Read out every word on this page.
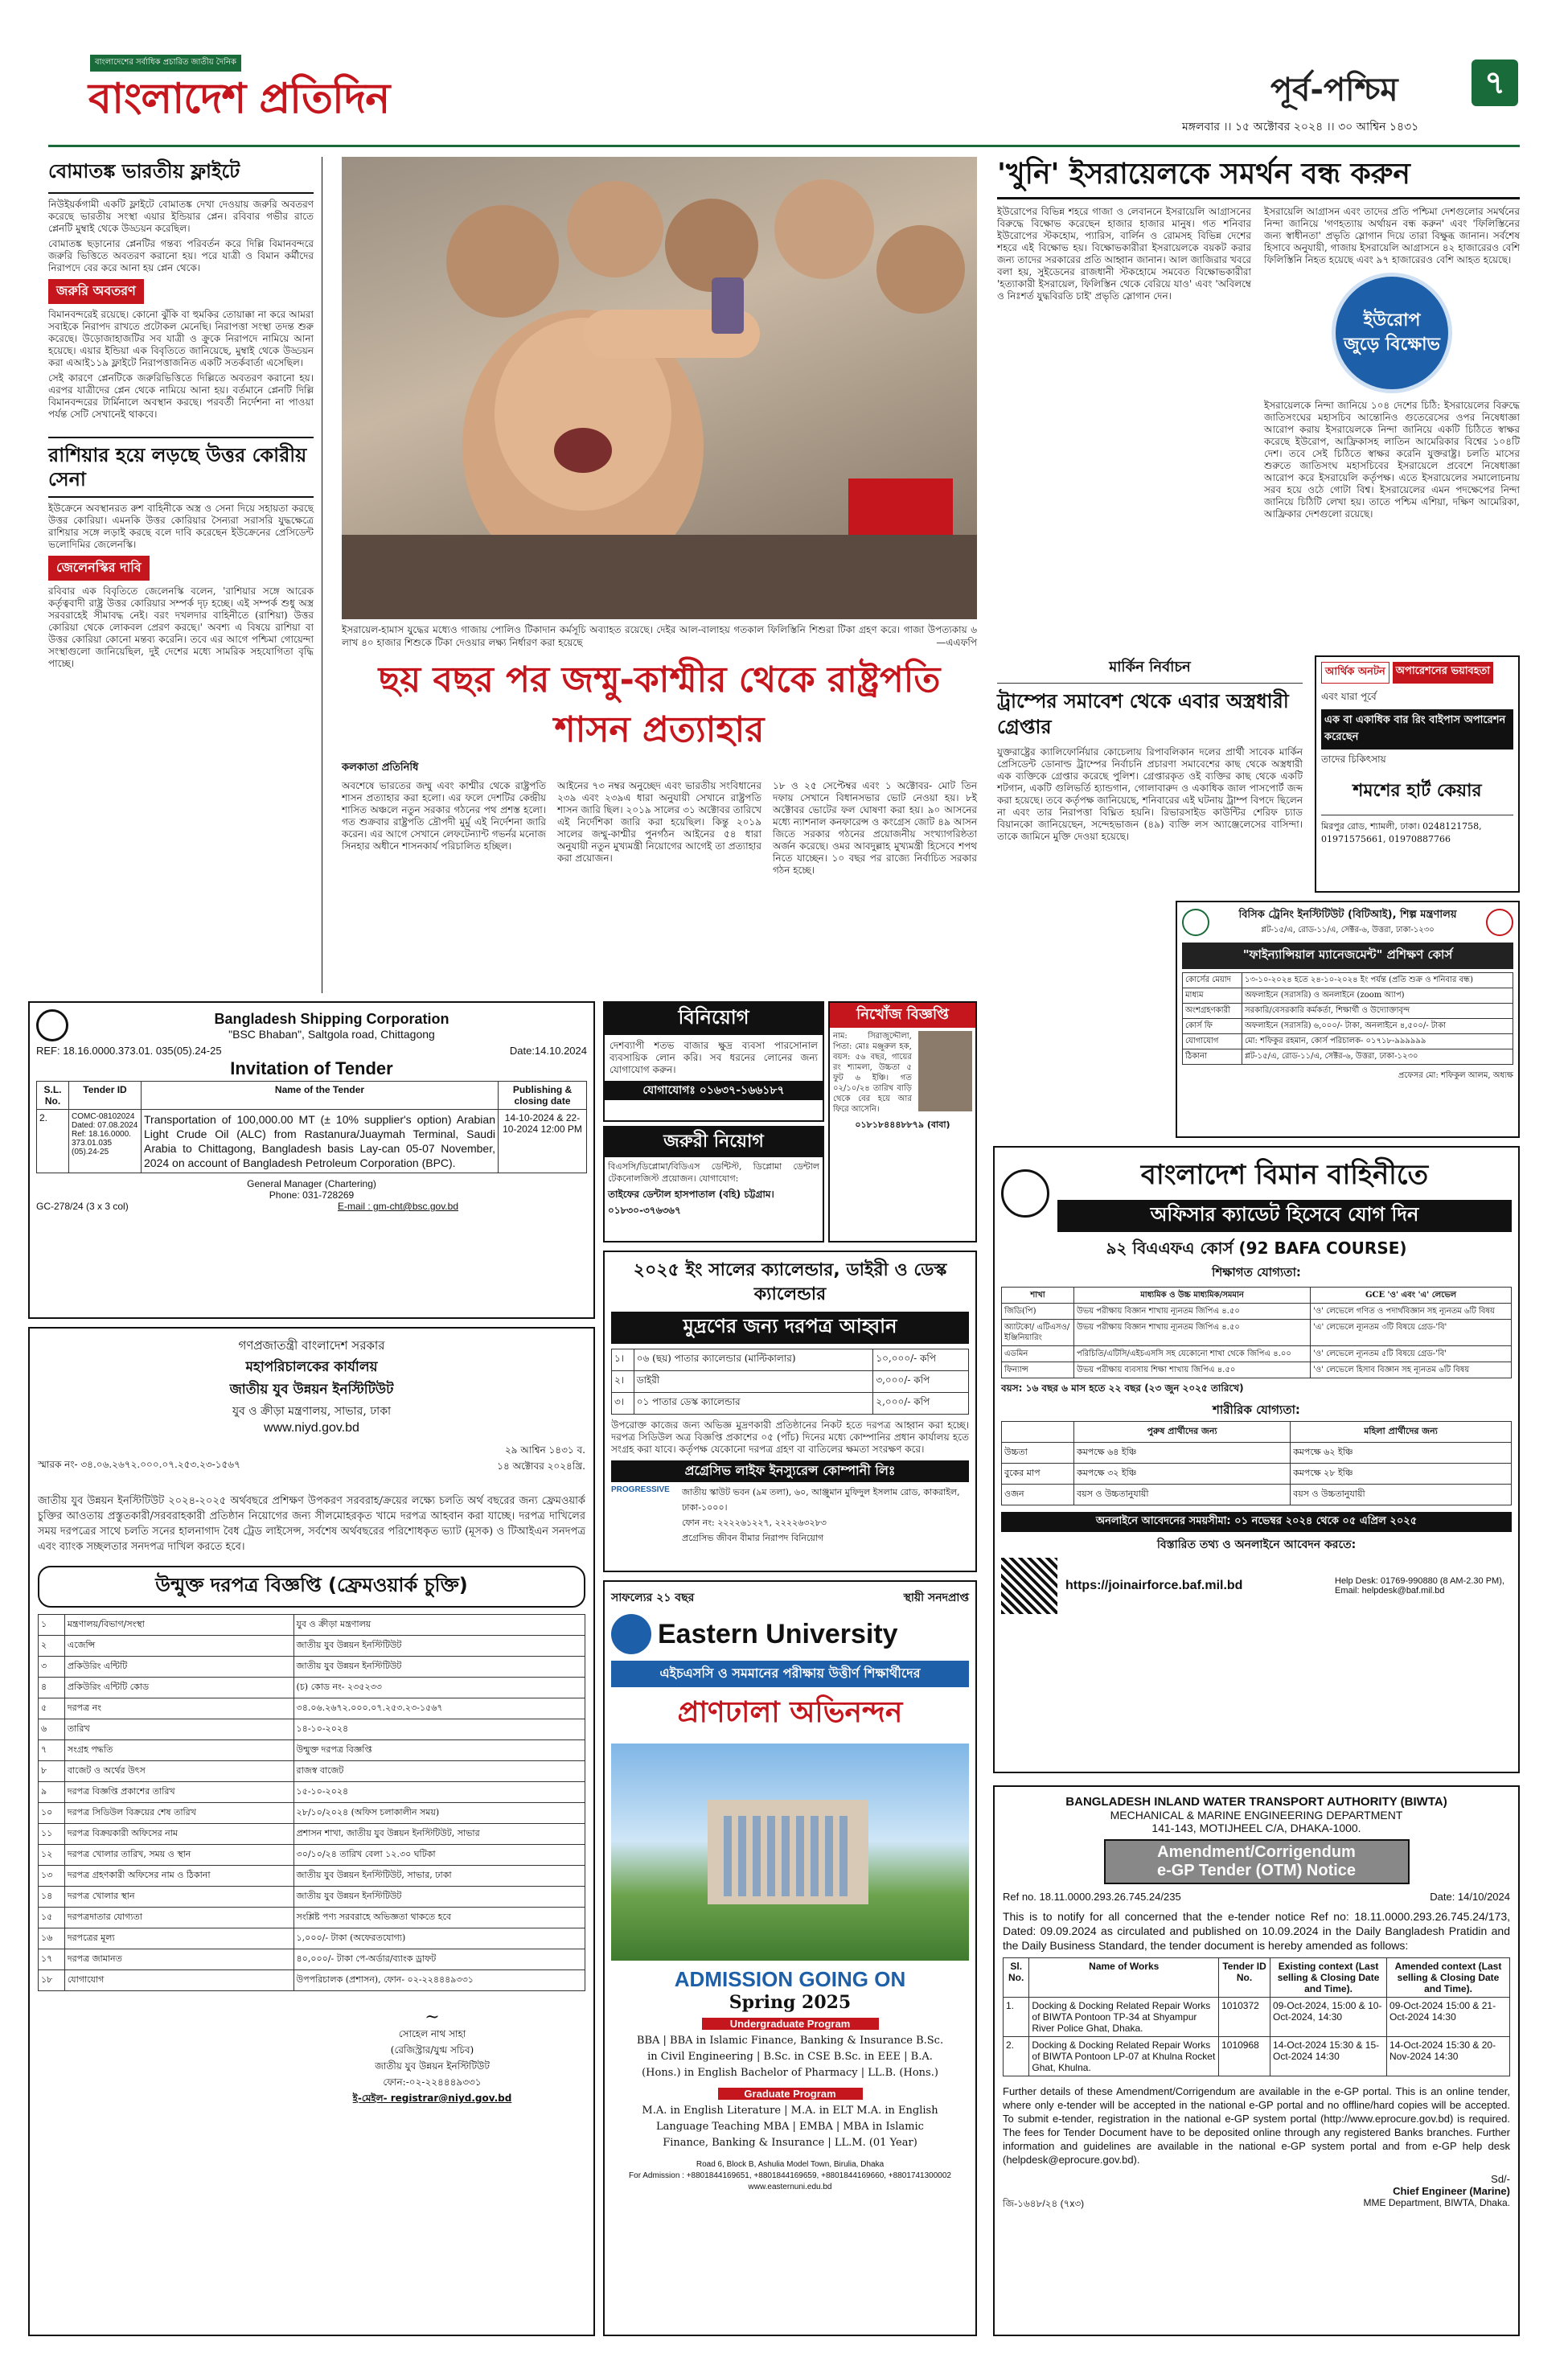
বাংলাদেশের সর্বাধিক প্রচারিত জাতীয় দৈনিক
বাংলাদেশ প্রতিদিন	পূর্ব-পশ্চিম	৭
মঙ্গলবার ।। ১৫ অক্টোবর ২০২৪ ।। ৩০ আশ্বিন ১৪৩১
বোমাতঙ্ক ভারতীয় ফ্লাইটে

নিউইয়র্কগামী একটি ফ্লাইটে বোমাতঙ্ক দেখা দেওয়ায় জরুরি অবতরণ করেছে ভারতীয় সংস্থা এয়ার ইন্ডিয়ার প্লেন। রবিবার গভীর রাতে প্লেনটি মুম্বাই থেকে উড্ডয়ন করেছিল।

বোমাতঙ্ক ছড়ানোর প্লেনটির গন্তব্য পরিবর্তন করে দিল্লি বিমানবন্দরে জরুরি ভিত্তিতে অবতরণ করানো হয়। পরে যাত্রী ও বিমান কর্মীদের নিরাপদে বের করে আনা হয় প্লেন থেকে।

জরুরি অবতরণ

বিমানবন্দরেই রয়েছে। কোনো ঝুঁকি বা হুমকির তোয়াক্কা না করে আমরা সবাইকে নিরাপদ রাখতে প্রটোকল মেনেছি। নিরাপত্তা সংস্থা তদন্ত শুরু করেছে। উড়োজাহাজটির সব যাত্রী ও ক্রুকে নিরাপদে নামিয়ে আনা হয়েছে। এয়ার ইন্ডিয়া এক বিবৃতিতে জানিয়েছে, মুম্বাই থেকে উড্ডয়ন করা এআই১১৯ ফ্লাইটে নিরাপত্তাজনিত একটি সতর্কবার্তা এসেছিল।

সেই কারণে প্লেনটিকে জরুরিভিত্তিতে দিল্লিতে অবতরণ করানো হয়। এরপর যাত্রীদের প্লেন থেকে নামিয়ে আনা হয়। বর্তমানে প্লেনটি দিল্লি বিমানবন্দরের টার্মিনালে অবস্থান করছে। পরবর্তী নির্দেশনা না পাওয়া পর্যন্ত সেটি সেখানেই থাকবে।

রাশিয়ার হয়ে লড়ছে উত্তর কোরীয় সেনা

ইউক্রেনে অবস্থানরত রুশ বাহিনীকে অস্ত্র ও সেনা দিয়ে সহায়তা করছে উত্তর কোরিয়া। এমনকি উত্তর কোরিয়ার সৈন্যরা সরাসরি যুদ্ধক্ষেত্রে রাশিয়ার সঙ্গে লড়াই করছে বলে দাবি করেছেন ইউক্রেনের প্রেসিডেন্ট ভলোদিমির জেলেনস্কি।

জেলেনস্কির দাবি

রবিবার এক বিবৃতিতে জেলেনস্কি বলেন, 'রাশিয়ার সঙ্গে আরেক কর্তৃত্ববাদী রাষ্ট্র উত্তর কোরিয়ার সম্পর্ক দৃঢ় হচ্ছে। এই সম্পর্ক শুধু অস্ত্র সরবরাহেই সীমাবদ্ধ নেই। বরং দখলদার বাহিনীতে (রাশিয়া) উত্তর কোরিয়া থেকে লোকবল প্রেরণ করছে।' অবশ্য এ বিষয়ে রাশিয়া বা উত্তর কোরিয়া কোনো মন্তব্য করেনি। তবে এর আগে পশ্চিমা গোয়েন্দা সংস্থাগুলো জানিয়েছিল, দুই দেশের মধ্যে সামরিক সহযোগিতা বৃদ্ধি পাচ্ছে।

ইসরায়েল-হামাস যুদ্ধের মধ্যেও গাজায় পোলিও টিকাদান কর্মসূচি অব্যাহত রয়েছে। দেইর আল-বালাহয় গতকাল ফিলিস্তিনি শিশুরা টিকা গ্রহণ করে। গাজা উপত্যকায় ৬ লাখ ৪০ হাজার শিশুকে টিকা দেওয়ার লক্ষ্য নির্ধারণ করা হয়েছে	—এএফপি
'খুনি' ইসরায়েলকে সমর্থন বন্ধ করুন

ইউরোপের বিভিন্ন শহরে গাজা ও লেবাননে ইসরায়েলি আগ্রাসনের বিরুদ্ধে বিক্ষোভ করেছেন হাজার হাজার মানুষ। গত শনিবার ইউরোপের স্টকহোম, প্যারিস, বার্লিন ও রোমসহ বিভিন্ন দেশের শহরে এই বিক্ষোভ হয়। বিক্ষোভকারীরা ইসরায়েলকে বয়কট করার জন্য তাদের সরকারের প্রতি আহ্বান জানান। আল জাজিরার খবরে বলা হয়, সুইডেনের রাজধানী স্টকহোমে সমবেত বিক্ষোভকারীরা 'হত্যাকারী ইসরায়েল, ফিলিস্তিন থেকে বেরিয়ে যাও' এবং 'অবিলম্বে ও নিঃশর্ত যুদ্ধবিরতি চাই' প্রভৃতি স্লোগান দেন।

ইসরায়েলি আগ্রাসন এবং তাদের প্রতি পশ্চিমা দেশগুলোর সমর্থনের নিন্দা জানিয়ে 'গণহত্যায় অর্থায়ন বন্ধ করুন' এবং 'ফিলিস্তিনের জন্য স্বাধীনতা' প্রভৃতি স্লোগান দিয়ে তারা বিক্ষুব্ধ জানান। সর্বশেষ হিসাবে অনুযায়ী, গাজায় ইসরায়েলি আগ্রাসনে ৪২ হাজারেরও বেশি ফিলিস্তিনি নিহত হয়েছে এবং ৯৭ হাজারেরও বেশি আহত হয়েছে।

ইউরোপ জুড়ে বিক্ষোভ

ইসরায়েলকে নিন্দা জানিয়ে ১০৪ দেশের চিঠি: ইসরায়েলের বিরুদ্ধে জাতিসংঘের মহাসচিব আন্তোনিও গুতেরেসের ওপর নিষেধাজ্ঞা আরোপ করায় ইসরায়েলকে নিন্দা জানিয়ে একটি চিঠিতে স্বাক্ষর করেছে ইউরোপ, আফ্রিকাসহ লাতিন আমেরিকার বিশ্বের ১০৪টি দেশ। তবে সেই চিঠিতে স্বাক্ষর করেনি যুক্তরাষ্ট্র। চলতি মাসের শুরুতে জাতিসংঘ মহাসচিবের ইসরায়েলে প্রবেশে নিষেধাজ্ঞা আরোপ করে ইসরায়েলি কর্তৃপক্ষ। এতে ইসরায়েলের সমালোচনায় সরব হয়ে ওঠে গোটা বিশ্ব। ইসরায়েলের এমন পদক্ষেপের নিন্দা জানিয়ে চিঠিটি লেখা হয়। তাতে পশ্চিম এশিয়া, দক্ষিণ আমেরিকা, আফ্রিকার দেশগুলো রয়েছে।

ছয় বছর পর জম্মু-কাশ্মীর থেকে রাষ্ট্রপতি শাসন প্রত্যাহার
কলকাতা প্রতিনিধি

অবশেষে ভারতের জম্মু এবং কাশ্মীর থেকে রাষ্ট্রপতি শাসন প্রত্যাহার করা হলো। এর ফলে দেশটির কেন্দ্রীয় শাসিত অঞ্চলে নতুন সরকার গঠনের পথ প্রশস্ত হলো। গত শুক্রবার রাষ্ট্রপতি দ্রৌপদী মুর্মু এই নির্দেশনা জারি করেন। এর আগে সেখানে লেফটেন্যান্ট গভর্নর মনোজ সিনহার অধীনে শাসনকার্য পরিচালিত হচ্ছিল।

আইনের ৭৩ নম্বর অনুচ্ছেদ এবং ভারতীয় সংবিধানের ২৩৯ এবং ২৩৯এ ধারা অনুযায়ী সেখানে রাষ্ট্রপতি শাসন জারি ছিল। ২০১৯ সালের ৩১ অক্টোবর তারিখে এই নির্দেশিকা জারি করা হয়েছিল। কিন্তু ২০১৯ সালের জম্মু-কাশ্মীর পুনর্গঠন আইনের ৫৪ ধারা অনুযায়ী নতুন মুখ্যমন্ত্রী নিয়োগের আগেই তা প্রত্যাহার করা প্রয়োজন।

১৮ ও ২৫ সেপ্টেম্বর এবং ১ অক্টোবর- মোট তিন দফায় সেখানে বিধানসভার ভোট নেওয়া হয়। ৮ই অক্টোবর ভোটের ফল ঘোষণা করা হয়। ৯০ আসনের মধ্যে ন্যাশনাল কনফারেন্স ও কংগ্রেস জোট ৪৯ আসন জিতে সরকার গঠনের প্রয়োজনীয় সংখ্যাগরিষ্ঠতা অর্জন করেছে। ওমর আবদুল্লাহ মুখ্যমন্ত্রী হিসেবে শপথ নিতে যাচ্ছেন। ১০ বছর পর রাজ্যে নির্বাচিত সরকার গঠন হচ্ছে।

মার্কিন নির্বাচন
ট্রাম্পের সমাবেশ থেকে এবার অস্ত্রধারী গ্রেপ্তার

যুক্তরাষ্ট্রের ক্যালিফোর্নিয়ার কোচেলায় রিপাবলিকান দলের প্রার্থী সাবেক মার্কিন প্রেসিডেন্ট ডোনাল্ড ট্রাম্পের নির্বাচনি প্রচারণা সমাবেশের কাছ থেকে অস্ত্রধারী এক ব্যক্তিকে গ্রেপ্তার করেছে পুলিশ। গ্রেপ্তারকৃত ওই ব্যক্তির কাছ থেকে একটি শটগান, একটি গুলিভর্তি হ্যান্ডগান, গোলাবারুদ ও একাধিক জাল পাসপোর্ট জব্দ করা হয়েছে। তবে কর্তৃপক্ষ জানিয়েছে, শনিবারের এই ঘটনায় ট্রাম্প বিপদে ছিলেন না এবং তার নিরাপত্তা বিঘ্নিত হয়নি। রিভারসাইড কাউন্টির শেরিফ চ্যাড বিয়ানকো জানিয়েছেন, সন্দেহভাজন (৪৯) ব্যক্তি লস অ্যাঞ্জেলেসের বাসিন্দা। তাকে জামিনে মুক্তি দেওয়া হয়েছে।

আর্থিক অনটন	অপারেশনের ভয়াবহতা
এবং যারা পূর্বে
এক বা একাধিক বার রিং বাইপাস অপারেশন করেছেন
তাদের চিকিৎসায়
শমশের হার্ট কেয়ার
মিরপুর রোড, শ্যামলী, ঢাকা। 0248121758, 01971575661, 01970887766
বিসিক ট্রেনিং ইনস্টিটিউট (বিটিআই), শিল্প মন্ত্রণালয়
প্লট-১৫/এ, রোড-১১/এ, সেক্টর-৬, উত্তরা, ঢাকা-১২৩০
"ফাইন্যান্সিয়াল ম্যানেজমেন্ট" প্রশিক্ষণ কোর্স
কোর্সের মেয়াদ	১৩-১০-২০২৪ হতে ২৪-১০-২০২৪ ইং পর্যন্ত (প্রতি শুক্র ও শনিবার বন্ধ)
মাধ্যম	অফলাইনে (সরাসরি) ও অনলাইনে (zoom অ্যাপ)
অংশগ্রহণকারী	সরকারি/বেসরকারি কর্মকর্তা, শিক্ষার্থী ও উদ্যোক্তাবৃন্দ
কোর্স ফি	অফলাইনে (সরাসরি) ৬,০০০/- টাকা, অনলাইনে ৪,৫০০/- টাকা
যোগাযোগ	মো: শফিকুর রহমান, কোর্স পরিচালক- ০১৭১৮-৯৯৯৯৯৯
ঠিকানা	প্লট-১৫/এ, রোড-১১/এ, সেক্টর-৬, উত্তরা, ঢাকা-১২৩০
প্রফেসর মো: শফিকুল আলম, অধ্যক্ষ
Bangladesh Shipping Corporation
"BSC Bhaban", Saltgola road, Chittagong
REF: 18.16.0000.373.01. 035(05).24-25	Date:14.10.2024
Invitation of Tender
S.L. No.	Tender ID	Name of the Tender	Publishing & closing date
2.	COMC-08102024 Dated: 07.08.2024 Ref: 18.16.0000. 373.01.035 (05).24-25	Transportation of 100,000.00 MT (± 10% supplier's option) Arabian Light Crude Oil (ALC) from Rastanura/Juaymah Terminal, Saudi Arabia to Chittagong, Bangladesh basis Lay-can 05-07 November, 2024 on account of Bangladesh Petroleum Corporation (BPC).	14-10-2024 & 22-10-2024 12:00 PM
General Manager (Chartering)
Phone: 031-728269
GC-278/24 (3 x 3 col)	E-mail : gm-cht@bsc.gov.bd
গণপ্রজাতন্ত্রী বাংলাদেশ সরকার
মহাপরিচালকের কার্যালয়
জাতীয় যুব উন্নয়ন ইনস্টিটিউট
যুব ও ক্রীড়া মন্ত্রণালয়, সাভার, ঢাকা
www.niyd.gov.bd
২৯ আশ্বিন ১৪৩১ ব.
১৪ অক্টোবর ২০২৪খ্রি.
স্মারক নং- ৩৪.০৬.২৬৭২.০০০.০৭.২৫৩.২৩-১৫৬৭

জাতীয় যুব উন্নয়ন ইনস্টিটিউট ২০২৪-২০২৫ অর্থবছরে প্রশিক্ষণ উপকরণ সরবরাহ/ক্রয়ের লক্ষ্যে চলতি অর্থ বছরের জন্য ফ্রেমওয়ার্ক চুক্তির আওতায় প্রস্তুতকারী/সরবরাহকারী প্রতিষ্ঠান নিয়োগের জন্য সীলমোহরকৃত খামে দরপত্র আহবান করা যাচ্ছে। দরপত্র দাখিলের সময় দরপত্রের সাথে চলতি সনের হালনাগাদ বৈধ ট্রেড লাইসেন্স, সর্বশেষ অর্থবছরের পরিশোধকৃত ভ্যাট (মূসক) ও টিআইএন সনদপত্র এবং ব্যাংক সচ্ছলতার সনদপত্র দাখিল করতে হবে।

উন্মুক্ত দরপত্র বিজ্ঞপ্তি (ফ্রেমওয়ার্ক চুক্তি)
১	মন্ত্রণালয়/বিভাগ/সংস্থা	যুব ও ক্রীড়া মন্ত্রণালয়
২	এজেন্সি	জাতীয় যুব উন্নয়ন ইনস্টিটিউট
৩	প্রকিউরিং এন্টিটি	জাতীয় যুব উন্নয়ন ইনস্টিটিউট
৪	প্রকিউরিং এন্টিটি কোড	(চ) কোড নং- ২৩৫২৩৩
৫	দরপত্র নং	৩৪.০৬.২৬৭২.০০০.০৭.২৫৩.২৩-১৫৬৭
৬	তারিখ	১৪-১০-২০২৪
৭	সংগ্রহ পদ্ধতি	উন্মুক্ত দরপত্র বিজ্ঞপ্তি
৮	বাজেট ও অর্থের উৎস	রাজস্ব বাজেট
৯	দরপত্র বিজ্ঞপ্তি প্রকাশের তারিখ	১৫-১০-২০২৪
১০	দরপত্র সিডিউল বিক্রয়ের শেষ তারিখ	২৮/১০/২০২৪ (অফিস চলাকালীন সময়)
১১	দরপত্র বিক্রয়কারী অফিসের নাম	প্রশাসন শাখা, জাতীয় যুব উন্নয়ন ইনস্টিটিউট, সাভার
১২	দরপত্র খোলার তারিখ, সময় ও স্থান	৩০/১০/২৪ তারিখ বেলা ১২.৩০ ঘটিকা
১৩	দরপত্র গ্রহণকারী অফিসের নাম ও ঠিকানা	জাতীয় যুব উন্নয়ন ইনস্টিটিউট, সাভার, ঢাকা
১৪	দরপত্র খোলার স্থান	জাতীয় যুব উন্নয়ন ইনস্টিটিউট
১৫	দরপত্রদাতার যোগ্যতা	সংশ্লিষ্ট পণ্য সরবরাহে অভিজ্ঞতা থাকতে হবে
১৬	দরপত্রের মূল্য	১,০০০/- টাকা (অফেরতযোগ্য)
১৭	দরপত্র জামানত	৪০,০০০/- টাকা পে-অর্ডার/ব্যাংক ড্রাফট
১৮	যোগাযোগ	উপপরিচালক (প্রশাসন), ফোন- ০২-২২৪৪৪৯৩৩১
~
সোহেল নাথ সাহা
(রেজিস্ট্রার/যুগ্ম সচিব)
জাতীয় যুব উন্নয়ন ইনস্টিটিউট
ফোন:-০২-২২৪৪৪৯৩৩১
ই-মেইল- registrar@niyd.gov.bd
বিনিয়োগ

দেশব্যাপী শতভ বাজার ক্ষুদ্র ব্যবসা পারসোনাল ব্যবসায়িক লোন করি। সব ধরনের লোনের জন্য যোগাযোগ করুন।

যোগাযোগঃ ০১৬৩৭-১৬৬১৮৭
নিখোঁজ বিজ্ঞপ্তি

নাম: সিরাজুদ্দৌলা, পিতা: মোঃ মঞ্জুরুল হক, বয়স: ৫৬ বছর, গায়ের রং শ্যামলা, উচ্চতা ৫ ফুট ৬ ইঞ্চি। গত ০২/১০/২৪ তারিখ বাড়ি থেকে বের হয়ে আর ফিরে আসেনি।

০১৮১৮৪৪৪৮৮৭৯ (বাবা)
জরুরী নিয়োগ

বিএসসি/ডিপ্লোমা/বিডিএস ডেন্টিস্ট, ডিপ্লোমা ডেন্টাল টেকনোলজিস্ট প্রয়োজন। যোগাযোগ:

তাইফের ডেন্টাল হাসপাতাল (বহি) চট্টগ্রাম। ০১৮৩০-৩৭৬৩৬৭
২০২৫ ইং সালের ক্যালেন্ডার, ডাইরী ও ডেস্ক ক্যালেন্ডার
মুদ্রণের জন্য দরপত্র আহ্বান
১।	০৬ (ছয়) পাতার ক্যালেন্ডার (মাল্টিকালার)	১০,০০০/- কপি
২।	ডাইরী	৩,০০০/- কপি
৩।	০১ পাতার ডেস্ক ক্যালেন্ডার	২,০০০/- কপি

উপরোক্ত কাজের জন্য অভিজ্ঞ মুদ্রণকারী প্রতিষ্ঠানের নিকট হতে দরপত্র আহ্বান করা হচ্ছে। দরপত্র সিডিউল অত্র বিজ্ঞপ্তি প্রকাশের ০৫ (পাঁচ) দিনের মধ্যে কোম্পানির প্রধান কার্যালয় হতে সংগ্রহ করা যাবে। কর্তৃপক্ষ যেকোনো দরপত্র গ্রহণ বা বাতিলের ক্ষমতা সংরক্ষণ করে।

প্রগ্রেসিভ লাইফ ইনস্যুরেন্স কোম্পানী লিঃ
PROGRESSIVE	জাতীয় স্কাউট ভবন (৯ম তলা), ৬০, আঞ্জুমান মুফিদুল ইসলাম রোড, কাকরাইল, ঢাকা-১০০০।
ফোন নং: ২২২২৬১২২৭, ২২২২৬৩২৮৩
প্রগ্রেসিভ জীবন বীমার নিরাপদ বিনিয়োগ
সাফল্যের ২১ বছর	স্থায়ী সনদপ্রাপ্ত
Eastern University
এইচএসসি ও সমমানের পরীক্ষায় উত্তীর্ণ শিক্ষার্থীদের
প্রাণঢালা অভিনন্দন
ADMISSION GOING ON
Spring 2025
Undergraduate Program
BBA | BBA in Islamic Finance, Banking & Insurance B.Sc. in Civil Engineering | B.Sc. in CSE B.Sc. in EEE | B.A. (Hons.) in English Bachelor of Pharmacy | LL.B. (Hons.)
Graduate Program
M.A. in English Literature | M.A. in ELT M.A. in English Language Teaching MBA | EMBA | MBA in Islamic Finance, Banking & Insurance | LL.M. (01 Year)
Road 6, Block B, Ashulia Model Town, Birulia, Dhaka
For Admission : +8801844169651, +8801844169659, +8801844169660, +8801741300002
www.easternuni.edu.bd
বাংলাদেশ বিমান বাহিনীতে
অফিসার ক্যাডেট হিসেবে যোগ দিন
৯২ বিএএফএ কোর্স (92 BAFA COURSE)
শিক্ষাগত যোগ্যতা:
শাখা	মাধ্যমিক ও উচ্চ মাধ্যমিক/সমমান	GCE 'ও' এবং 'এ' লেভেল
জিডি(পি)	উভয় পরীক্ষায় বিজ্ঞান শাখায় ন্যূনতম জিপিএ ৪.৫০	'ও' লেভেলে গণিত ও পদার্থবিজ্ঞান সহ ন্যূনতম ৬টি বিষয়
অ্যাটকো/ এটিএসও/ ইঞ্জিনিয়ারিং	উভয় পরীক্ষায় বিজ্ঞান শাখায় ন্যূনতম জিপিএ ৪.৫০	'এ' লেভেলে ন্যূনতম ৩টি বিষয়ে গ্রেড-'বি'
এডমিন	পরিচিতি/এটিসি/এইচএসসি সহ যেকোনো শাখা থেকে জিপিএ ৪.০০	'ও' লেভেলে ন্যূনতম ৫টি বিষয়ে গ্রেড-'বি'
ফিন্যান্স	উভয় পরীক্ষায় ব্যবসায় শিক্ষা শাখায় জিপিএ ৪.৫০	'ও' লেভেলে হিসাব বিজ্ঞান সহ ন্যূনতম ৬টি বিষয়
বয়স: ১৬ বছর ৬ মাস হতে ২২ বছর (২৩ জুন ২০২৫ তারিখে)
শারীরিক যোগ্যতা:
	পুরুষ প্রার্থীদের জন্য	মহিলা প্রার্থীদের জন্য
উচ্চতা	কমপক্ষে ৬৪ ইঞ্চি	কমপক্ষে ৬২ ইঞ্চি
বুকের মাপ	কমপক্ষে ৩২ ইঞ্চি	কমপক্ষে ২৮ ইঞ্চি
ওজন	বয়স ও উচ্চতানুযায়ী	বয়স ও উচ্চতানুযায়ী
অনলাইনে আবেদনের সময়সীমা: ০১ নভেম্বর ২০২৪ থেকে ০৫ এপ্রিল ২০২৫
বিস্তারিত তথ্য ও অনলাইনে আবেদন করতে:
https://joinairforce.baf.mil.bd	Help Desk: 01769-990880 (8 AM-2.30 PM), Email: helpdesk@baf.mil.bd
BANGLADESH INLAND WATER TRANSPORT AUTHORITY (BIWTA)
MECHANICAL & MARINE ENGINEERING DEPARTMENT
141-143, MOTIJHEEL C/A, DHAKA-1000.
Amendment/Corrigendum
e-GP Tender (OTM) Notice
Ref no. 18.11.0000.293.26.745.24/235	Date: 14/10/2024

This is to notify for all concerned that the e-tender notice Ref no: 18.11.0000.293.26.745.24/173, Dated: 09.09.2024 as circulated and published on 10.09.2024 in the Daily Bangladesh Pratidin and the Daily Business Standard, the tender document is hereby amended as follows:

Sl. No.	Name of Works	Tender ID No.	Existing context (Last selling & Closing Date and Time).	Amended context (Last selling & Closing Date and Time).
1.	Docking & Docking Related Repair Works of BIWTA Pontoon TP-34 at Shyampur River Police Ghat, Dhaka.	1010372	09-Oct-2024, 15:00 & 10-Oct-2024, 14:30	09-Oct-2024 15:00 & 21-Oct-2024 14:30
2.	Docking & Docking Related Repair Works of BIWTA Pontoon LP-07 at Khulna Rocket Ghat, Khulna.	1010968	14-Oct-2024 15:30 & 15-Oct-2024 14:30	14-Oct-2024 15:30 & 20-Nov-2024 14:30

Further details of these Amendment/Corrigendum are available in the e-GP portal. This is an online tender, where only e-tender will be accepted in the national e-GP portal and no offline/hard copies will be accepted. To submit e-tender, registration in the national e-GP system portal (http://www.eprocure.gov.bd) is required. The fees for Tender Document have to be deposited online through any registered Banks branches. Further information and guidelines are available in the national e-GP system portal and from e-GP help desk (helpdesk@eprocure.gov.bd).

Sd/-
Chief Engineer (Marine)
জি-১৬৪৮/২৪ (৭x৩)	MME Department, BIWTA, Dhaka.
